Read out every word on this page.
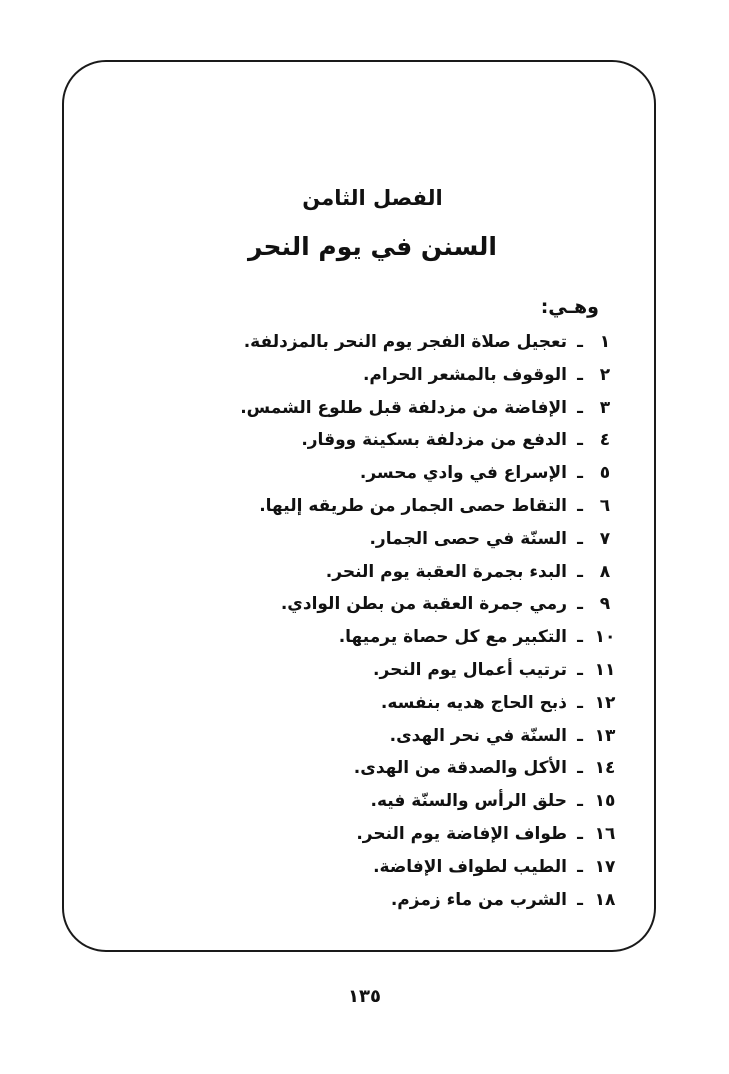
الفصل الثامن
السنن في يوم النحر
وهـي:
١
ـ
تعجيل صلاة الفجر يوم النحر بالمزدلفة.
٢
ـ
الوقوف بالمشعر الحرام.
٣
ـ
الإفاضة من مزدلفة قبل طلوع الشمس.
٤
ـ
الدفع من مزدلفة بسكينة ووقار.
٥
ـ
الإسراع في وادي محسر.
٦
ـ
التقاط حصى الجمار من طريقه إليها.
٧
ـ
السنّة في حصى الجمار.
٨
ـ
البدء بجمرة العقبة يوم النحر.
٩
ـ
رمي جمرة العقبة من بطن الوادي.
١٠
ـ
التكبير مع كل حصاة يرميها.
١١
ـ
ترتيب أعمال يوم النحر.
١٢
ـ
ذبح الحاج هديه بنفسه.
١٣
ـ
السنّة في نحر الهدى.
١٤
ـ
الأكل والصدقة من الهدى.
١٥
ـ
حلق الرأس والسنّة فيه.
١٦
ـ
طواف الإفاضة يوم النحر.
١٧
ـ
الطيب لطواف الإفاضة.
١٨
ـ
الشرب من ماء زمزم.
١٣٥
